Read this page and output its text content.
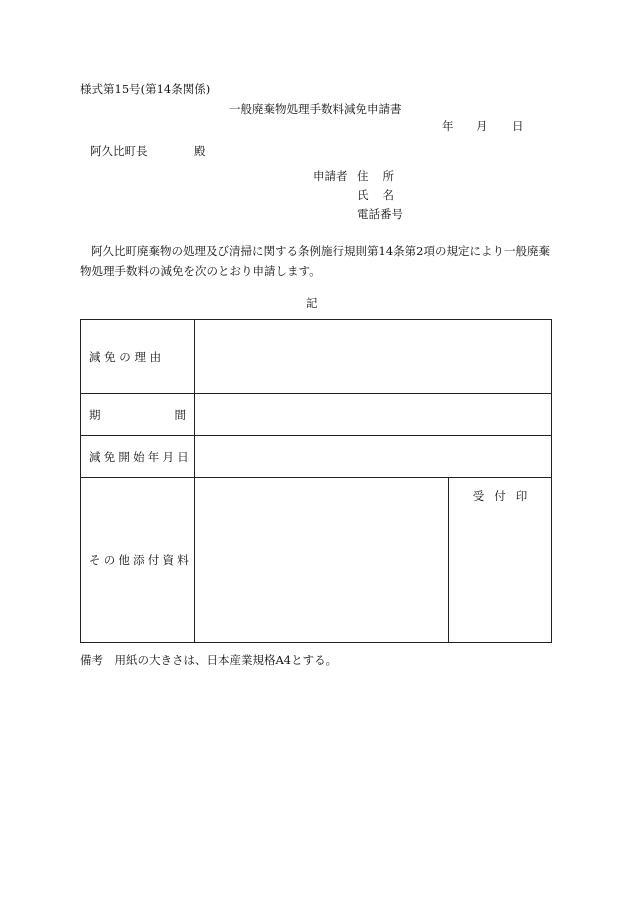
様式第15号(第14条関係)
一般廃棄物処理手数料減免申請書
年 月 日
阿久比町長	殿
申請者 住所
氏名
電話番号
阿久比町廃棄物の処理及び清掃に関する条例施行規則第14条第2項の規定により一般廃棄物処理手数料の減免を次のとおり申請します。
記
減 免 の 理 由		

期 間		

減免開始年月日		

その他添付資料		受付印
備考　用紙の大きさは、日本産業規格A4とする。
